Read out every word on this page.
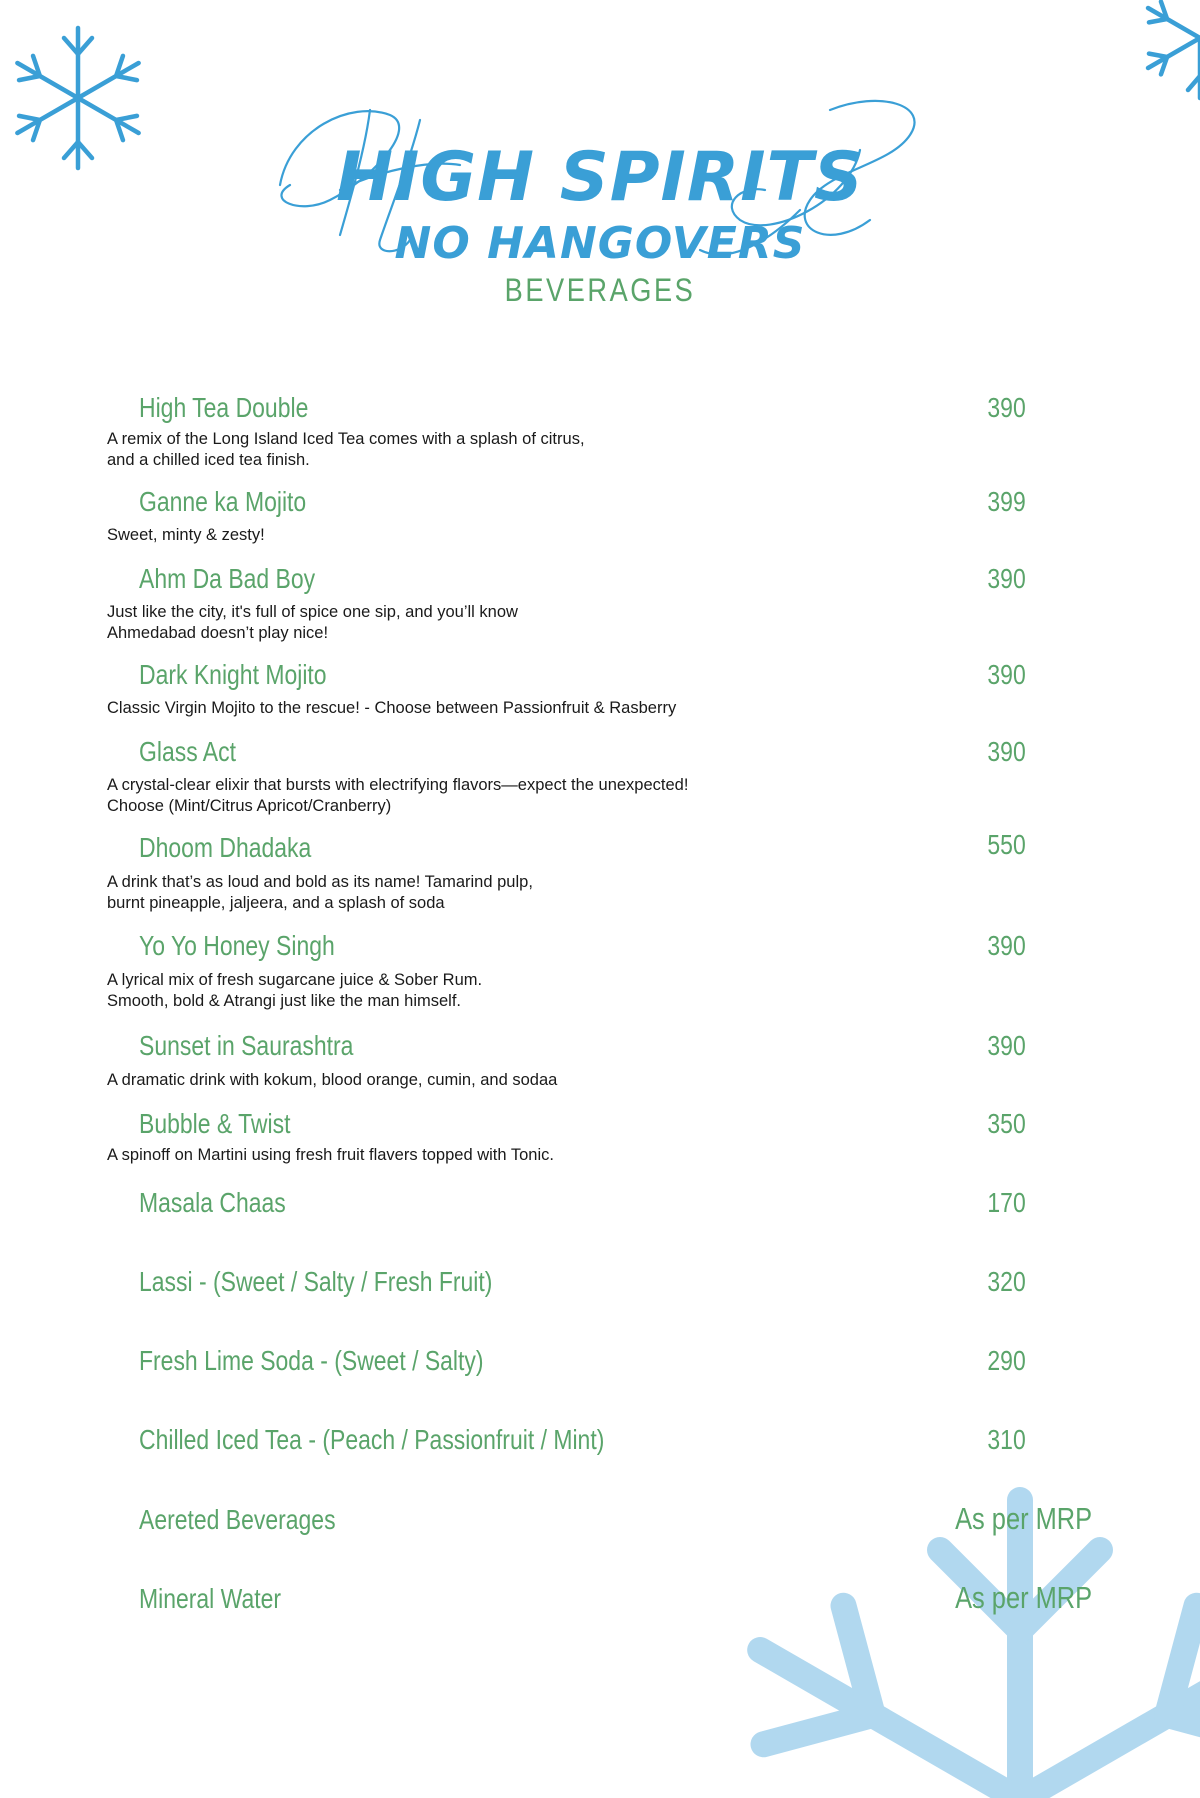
HIGH SPIRITS
NO HANGOVERS
BEVERAGES
High Tea Double	390
A remix of the Long Island Iced Tea comes with a splash of citrus,
and a chilled iced tea finish.
Ganne ka Mojito	399
Sweet, minty & zesty!
Ahm Da Bad Boy	390
Just like the city, it's full of spice one sip, and you’ll know
Ahmedabad doesn’t play nice!
Dark Knight Mojito	390
Classic Virgin Mojito to the rescue! - Choose between Passionfruit & Rasberry
Glass Act	390
A crystal-clear elixir that bursts with electrifying flavors—expect the unexpected!
Choose (Mint/Citrus Apricot/Cranberry)
Dhoom Dhadaka	550
A drink that’s as loud and bold as its name! Tamarind pulp,
burnt pineapple, jaljeera, and a splash of soda
Yo Yo Honey Singh	390
A lyrical mix of fresh sugarcane juice & Sober Rum.
Smooth, bold & Atrangi just like the man himself.
Sunset in Saurashtra	390
A dramatic drink with kokum, blood orange, cumin, and sodaa
Bubble & Twist	350
A spinoff on Martini using fresh fruit flavers topped with Tonic.
Masala Chaas	170
Lassi - (Sweet / Salty / Fresh Fruit)	320
Fresh Lime Soda - (Sweet / Salty)	290
Chilled Iced Tea - (Peach / Passionfruit / Mint)	310
Aereted Beverages	As per MRP
Mineral Water	As per MRP
